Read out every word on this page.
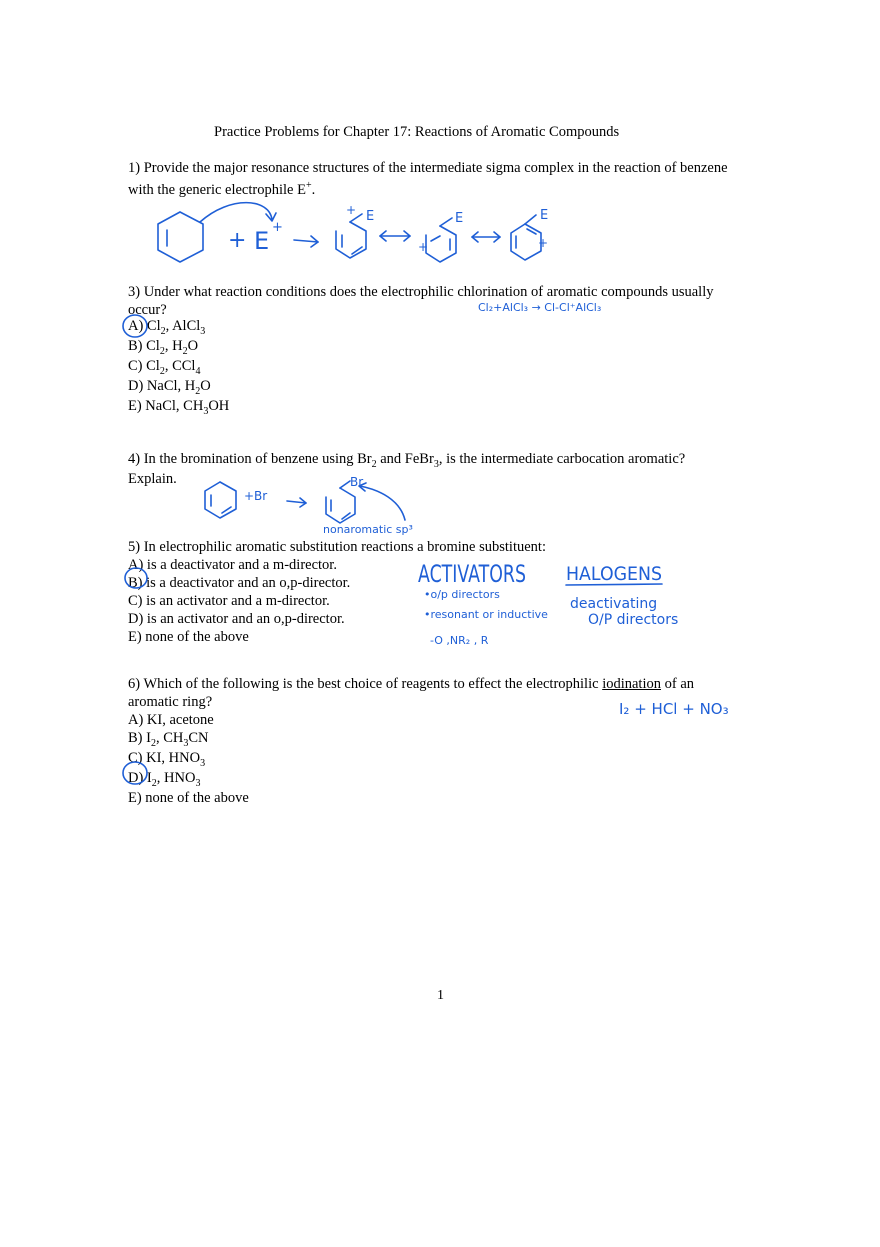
Practice Problems for Chapter 17: Reactions of Aromatic Compounds
1) Provide the major resonance structures of the intermediate sigma complex in the reaction of benzene
with the generic electrophile E+.
3) Under what reaction conditions does the electrophilic chlorination of aromatic compounds usually
occur?
A) $Cl_2$, AlCl$_3$
B) $Cl_2$, $H_2O$
C) $Cl_2$, CCl$_4$
D) NaCl, $H_2O$
E) NaCl, $CH_3OH$
4) In the bromination of benzene using $Br_2$ and FeBr$_3$, is the intermediate carbocation aromatic?
Explain.
5) In electrophilic aromatic substitution reactions a bromine substituent:
A) is a deactivator and a m-director.
B) is a deactivator and an o,p-director.
C) is an activator and a m-director.
D) is an activator and an o,p-director.
E) none of the above
6) Which of the following is the best choice of reagents to effect the electrophilic iodination of an
aromatic ring?
A) KI, acetone
B) $I_2$, $CH_3CN$
C) KI, $HNO_3$
D) $I_2$, $HNO_3$
E) none of the above
1
+ E +
+ E	E
+
E
+
Cl₂+AlCl₃ → Cl-Cl⁺AlCl₃
+Br
Br
nonaromatic sp³
ACTIVATORS
•o/p directors
•resonant or inductive
-O ,NR₂ , R
HALOGENS
deactivating
O/P directors
I₂ + HCl + NO₃
